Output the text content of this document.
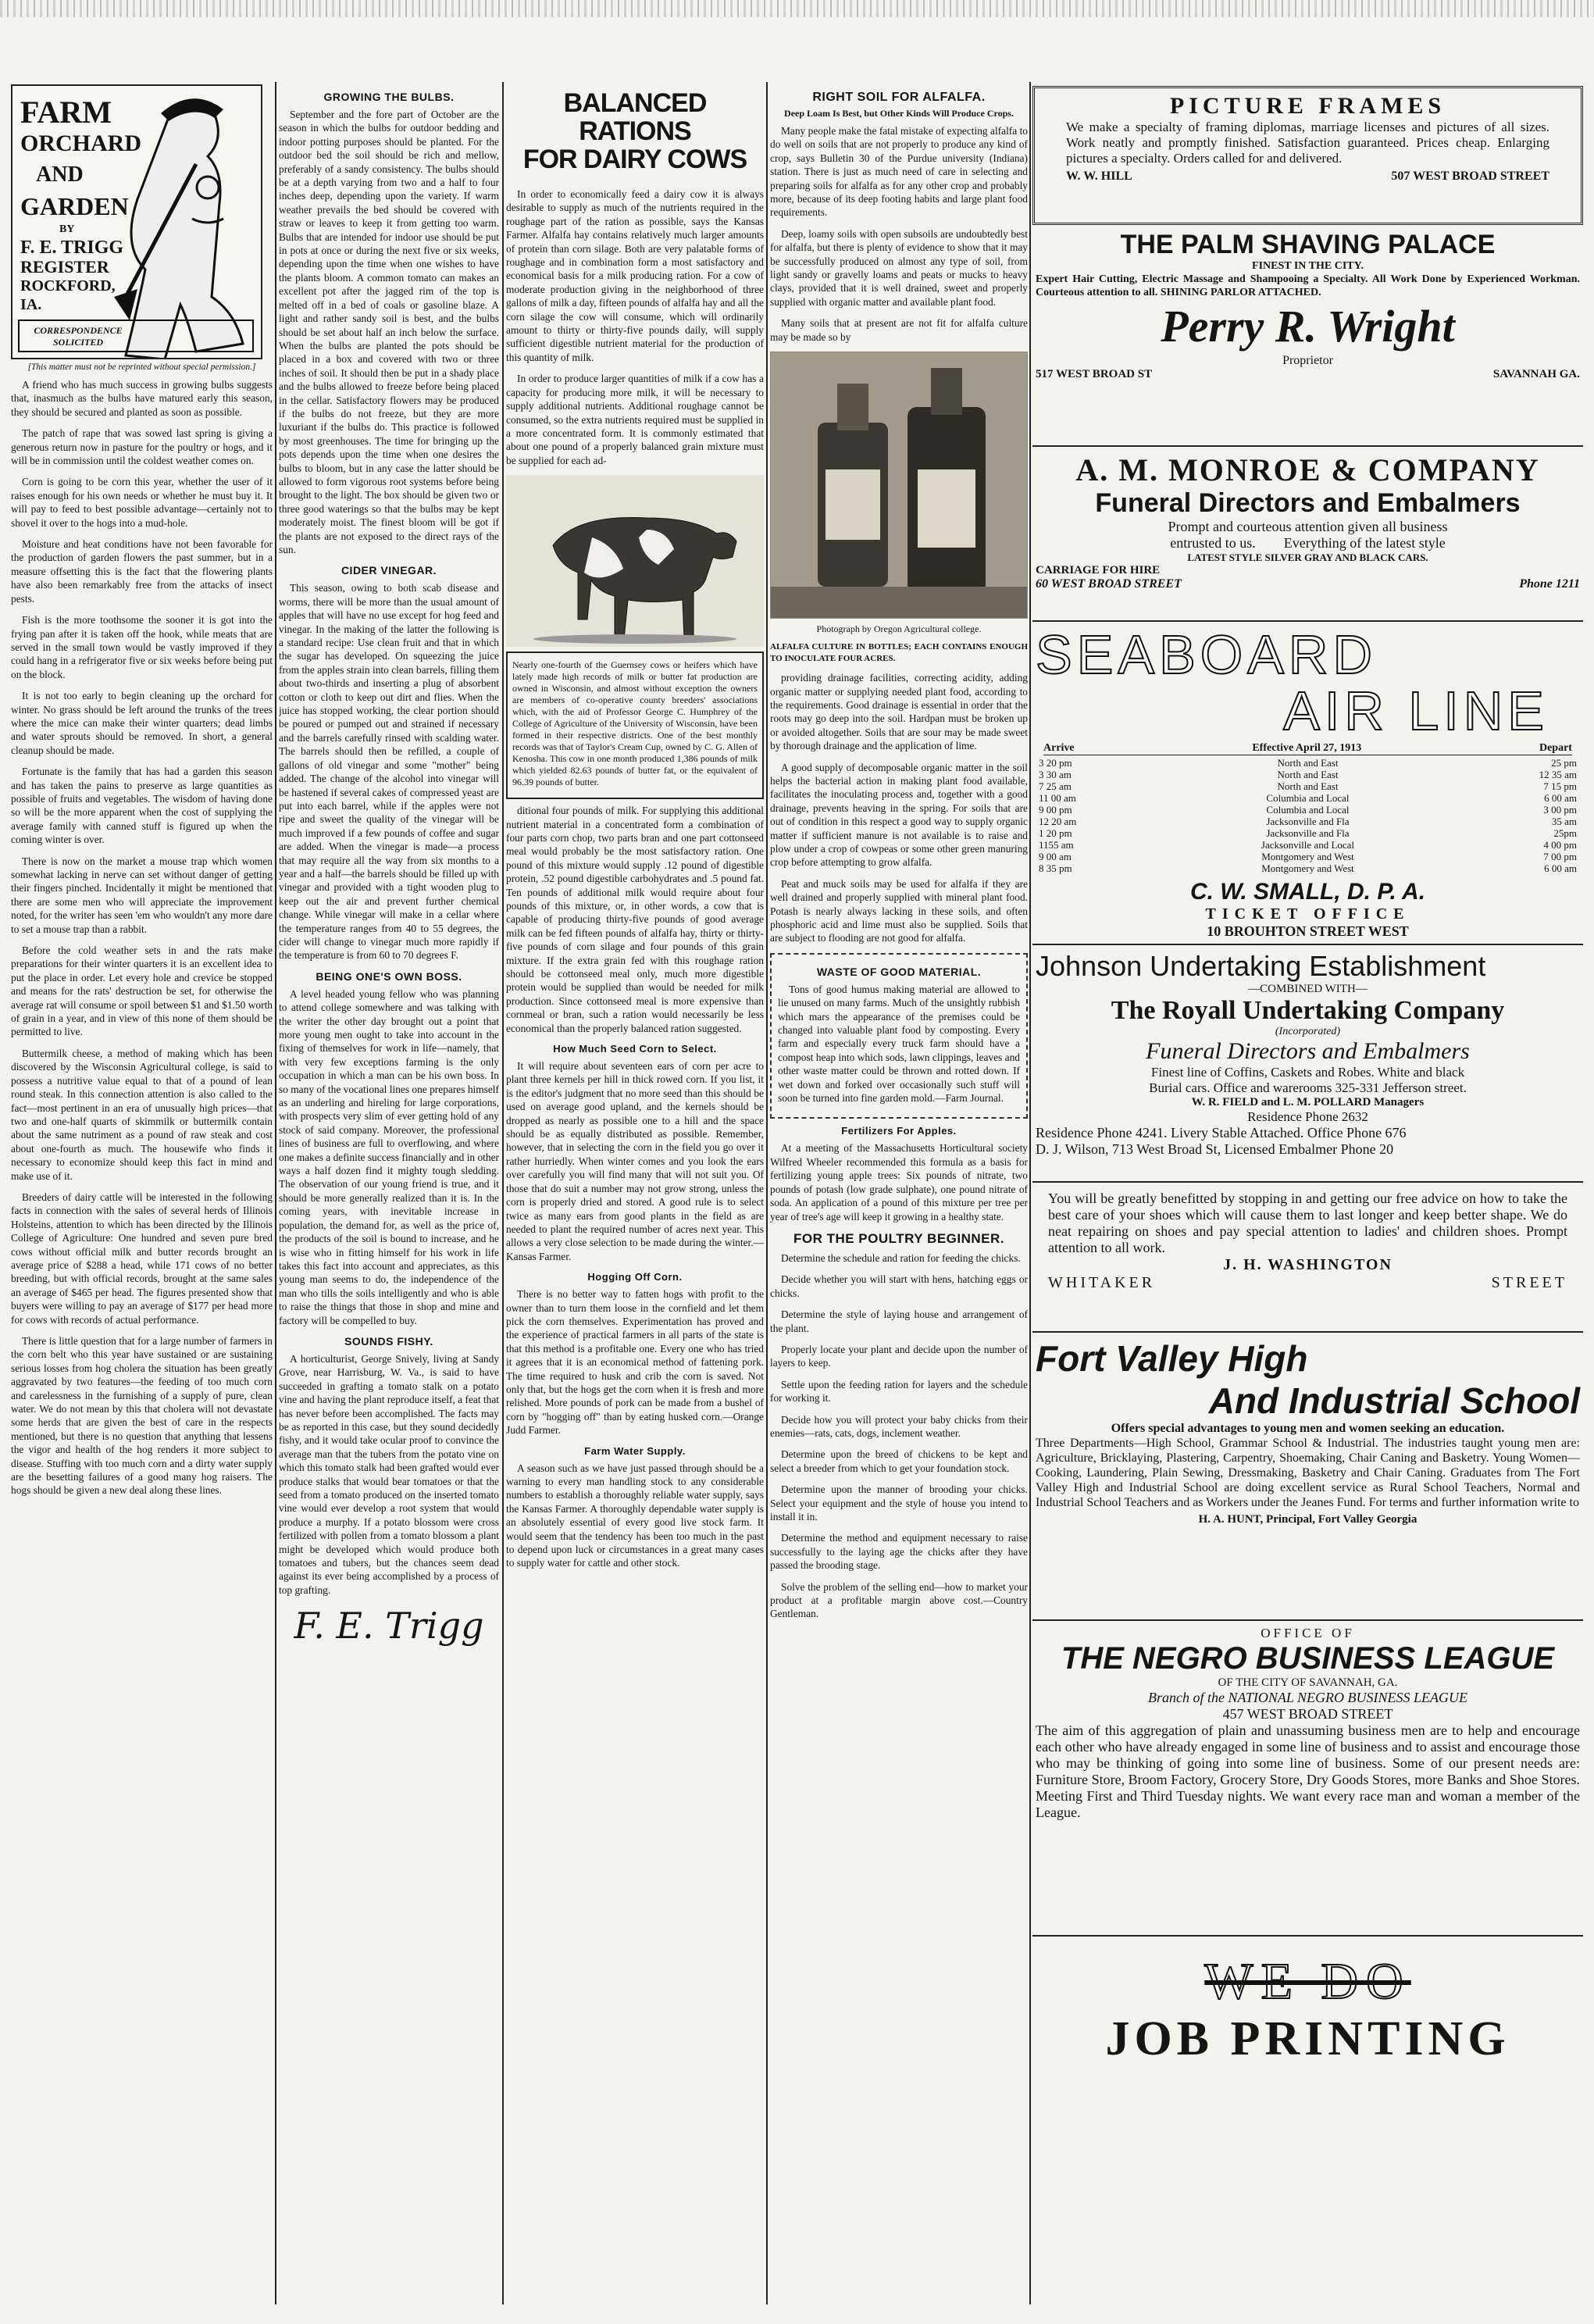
FARM
ORCHARD
AND
GARDEN
BY
F. E. TRIGG
REGISTER
ROCKFORD, IA.
CORRESPONDENCE SOLICITED
[This matter must not be reprinted without special permission.]

A friend who has much success in growing bulbs suggests that, inasmuch as the bulbs have matured early this season, they should be secured and planted as soon as possible.

The patch of rape that was sowed last spring is giving a generous return now in pasture for the poultry or hogs, and it will be in commission until the coldest weather comes on.

Corn is going to be corn this year, whether the user of it raises enough for his own needs or whether he must buy it. It will pay to feed to best possible advantage—certainly not to shovel it over to the hogs into a mud-hole.

Moisture and heat conditions have not been favorable for the production of garden flowers the past summer, but in a measure offsetting this is the fact that the flowering plants have also been remarkably free from the attacks of insect pests.

Fish is the more toothsome the sooner it is got into the frying pan after it is taken off the hook, while meats that are served in the small town would be vastly improved if they could hang in a refrigerator five or six weeks before being put on the block.

It is not too early to begin cleaning up the orchard for winter. No grass should be left around the trunks of the trees where the mice can make their winter quarters; dead limbs and water sprouts should be removed. In short, a general cleanup should be made.

Fortunate is the family that has had a garden this season and has taken the pains to preserve as large quantities as possible of fruits and vegetables. The wisdom of having done so will be the more apparent when the cost of supplying the average family with canned stuff is figured up when the coming winter is over.

There is now on the market a mouse trap which women somewhat lacking in nerve can set without danger of getting their fingers pinched. Incidentally it might be mentioned that there are some men who will appreciate the improvement noted, for the writer has seen 'em who wouldn't any more dare to set a mouse trap than a rabbit.

Before the cold weather sets in and the rats make preparations for their winter quarters it is an excellent idea to put the place in order. Let every hole and crevice be stopped and means for the rats' destruction be set, for otherwise the average rat will consume or spoil between $1 and $1.50 worth of grain in a year, and in view of this none of them should be permitted to live.

Buttermilk cheese, a method of making which has been discovered by the Wisconsin Agricultural college, is said to possess a nutritive value equal to that of a pound of lean round steak. In this connection attention is also called to the fact—most pertinent in an era of unusually high prices—that two and one-half quarts of skimmilk or buttermilk contain about the same nutriment as a pound of raw steak and cost about one-fourth as much. The housewife who finds it necessary to economize should keep this fact in mind and make use of it.

Breeders of dairy cattle will be interested in the following facts in connection with the sales of several herds of Illinois Holsteins, attention to which has been directed by the Illinois College of Agriculture: One hundred and seven pure bred cows without official milk and butter records brought an average price of $288 a head, while 171 cows of no better breeding, but with official records, brought at the same sales an average of $465 per head. The figures presented show that buyers were willing to pay an average of $177 per head more for cows with records of actual performance.

There is little question that for a large number of farmers in the corn belt who this year have sustained or are sustaining serious losses from hog cholera the situation has been greatly aggravated by two features—the feeding of too much corn and carelessness in the furnishing of a supply of pure, clean water. We do not mean by this that cholera will not devastate some herds that are given the best of care in the respects mentioned, but there is no question that anything that lessens the vigor and health of the hog renders it more subject to disease. Stuffing with too much corn and a dirty water supply are the besetting failures of a good many hog raisers. The hogs should be given a new deal along these lines.

GROWING THE BULBS.

September and the fore part of October are the season in which the bulbs for outdoor bedding and indoor potting purposes should be planted. For the outdoor bed the soil should be rich and mellow, preferably of a sandy consistency. The bulbs should be at a depth varying from two and a half to four inches deep, depending upon the variety. If warm weather prevails the bed should be covered with straw or leaves to keep it from getting too warm. Bulbs that are intended for indoor use should be put in pots at once or during the next five or six weeks, depending upon the time when one wishes to have the plants bloom. A common tomato can makes an excellent pot after the jagged rim of the top is melted off in a bed of coals or gasoline blaze. A light and rather sandy soil is best, and the bulbs should be set about half an inch below the surface. When the bulbs are planted the pots should be placed in a box and covered with two or three inches of soil. It should then be put in a shady place and the bulbs allowed to freeze before being placed in the cellar. Satisfactory flowers may be produced if the bulbs do not freeze, but they are more luxuriant if the bulbs do. This practice is followed by most greenhouses. The time for bringing up the pots depends upon the time when one desires the bulbs to bloom, but in any case the latter should be allowed to form vigorous root systems before being brought to the light. The box should be given two or three good waterings so that the bulbs may be kept moderately moist. The finest bloom will be got if the plants are not exposed to the direct rays of the sun.

CIDER VINEGAR.

This season, owing to both scab disease and worms, there will be more than the usual amount of apples that will have no use except for hog feed and vinegar. In the making of the latter the following is a standard recipe: Use clean fruit and that in which the sugar has developed. On squeezing the juice from the apples strain into clean barrels, filling them about two-thirds and inserting a plug of absorbent cotton or cloth to keep out dirt and flies. When the juice has stopped working, the clear portion should be poured or pumped out and strained if necessary and the barrels carefully rinsed with scalding water. The barrels should then be refilled, a couple of gallons of old vinegar and some "mother" being added. The change of the alcohol into vinegar will be hastened if several cakes of compressed yeast are put into each barrel, while if the apples were not ripe and sweet the quality of the vinegar will be much improved if a few pounds of coffee and sugar are added. When the vinegar is made—a process that may require all the way from six months to a year and a half—the barrels should be filled up with vinegar and provided with a tight wooden plug to keep out the air and prevent further chemical change. While vinegar will make in a cellar where the temperature ranges from 40 to 55 degrees, the cider will change to vinegar much more rapidly if the temperature is from 60 to 70 degrees F.

BEING ONE'S OWN BOSS.

A level headed young fellow who was planning to attend college somewhere and was talking with the writer the other day brought out a point that more young men ought to take into account in the fixing of themselves for work in life—namely, that with very few exceptions farming is the only occupation in which a man can be his own boss. In so many of the vocational lines one prepares himself as an underling and hireling for large corporations, with prospects very slim of ever getting hold of any stock of said company. Moreover, the professional lines of business are full to overflowing, and where one makes a definite success financially and in other ways a half dozen find it mighty tough sledding. The observation of our young friend is true, and it should be more generally realized than it is. In the coming years, with inevitable increase in population, the demand for, as well as the price of, the products of the soil is bound to increase, and he is wise who in fitting himself for his work in life takes this fact into account and appreciates, as this young man seems to do, the independence of the man who tills the soils intelligently and who is able to raise the things that those in shop and mine and factory will be compelled to buy.

SOUNDS FISHY.

A horticulturist, George Snively, living at Sandy Grove, near Harrisburg, W. Va., is said to have succeeded in grafting a tomato stalk on a potato vine and having the plant reproduce itself, a feat that has never before been accomplished. The facts may be as reported in this case, but they sound decidedly fishy, and it would take ocular proof to convince the average man that the tubers from the potato vine on which this tomato stalk had been grafted would ever produce stalks that would bear tomatoes or that the seed from a tomato produced on the inserted tomato vine would ever develop a root system that would produce a murphy. If a potato blossom were cross fertilized with pollen from a tomato blossom a plant might be developed which would produce both tomatoes and tubers, but the chances seem dead against its ever being accomplished by a process of top grafting.

F. E. Trigg
BALANCED RATIONS
FOR DAIRY COWS

In order to economically feed a dairy cow it is always desirable to supply as much of the nutrients required in the roughage part of the ration as possible, says the Kansas Farmer. Alfalfa hay contains relatively much larger amounts of protein than corn silage. Both are very palatable forms of roughage and in combination form a most satisfactory and economical basis for a milk producing ration. For a cow of moderate production giving in the neighborhood of three gallons of milk a day, fifteen pounds of alfalfa hay and all the corn silage the cow will consume, which will ordinarily amount to thirty or thirty-five pounds daily, will supply sufficient digestible nutrient material for the production of this quantity of milk.

In order to produce larger quantities of milk if a cow has a capacity for producing more milk, it will be necessary to supply additional nutrients. Additional roughage cannot be consumed, so the extra nutrients required must be supplied in a more concentrated form. It is commonly estimated that about one pound of a properly balanced grain mixture must be supplied for each ad-

Nearly one-fourth of the Guernsey cows or heifers which have lately made high records of milk or butter fat production are owned in Wisconsin, and almost without exception the owners are members of co-operative county breeders' associations which, with the aid of Professor George C. Humphrey of the College of Agriculture of the University of Wisconsin, have been formed in their respective districts. One of the best monthly records was that of Taylor's Cream Cup, owned by C. G. Allen of Kenosha. This cow in one month produced 1,386 pounds of milk which yielded 82.63 pounds of butter fat, or the equivalent of 96.39 pounds of butter.

ditional four pounds of milk. For supplying this additional nutrient material in a concentrated form a combination of four parts corn chop, two parts bran and one part cottonseed meal would probably be the most satisfactory ration. One pound of this mixture would supply .12 pound of digestible protein, .52 pound digestible carbohydrates and .5 pound fat. Ten pounds of additional milk would require about four pounds of this mixture, or, in other words, a cow that is capable of producing thirty-five pounds of good average milk can be fed fifteen pounds of alfalfa hay, thirty or thirty-five pounds of corn silage and four pounds of this grain mixture. If the extra grain fed with this roughage ration should be cottonseed meal only, much more digestible protein would be supplied than would be needed for milk production. Since cottonseed meal is more expensive than cornmeal or bran, such a ration would necessarily be less economical than the properly balanced ration suggested.

How Much Seed Corn to Select.

It will require about seventeen ears of corn per acre to plant three kernels per hill in thick rowed corn. If you list, it is the editor's judgment that no more seed than this should be used on average good upland, and the kernels should be dropped as nearly as possible one to a hill and the space should be as equally distributed as possible. Remember, however, that in selecting the corn in the field you go over it rather hurriedly. When winter comes and you look the ears over carefully you will find many that will not suit you. Of those that do suit a number may not grow strong, unless the corn is properly dried and stored. A good rule is to select twice as many ears from good plants in the field as are needed to plant the required number of acres next year. This allows a very close selection to be made during the winter.—Kansas Farmer.

Hogging Off Corn.

There is no better way to fatten hogs with profit to the owner than to turn them loose in the cornfield and let them pick the corn themselves. Experimentation has proved and the experience of practical farmers in all parts of the state is that this method is a profitable one. Every one who has tried it agrees that it is an economical method of fattening pork. The time required to husk and crib the corn is saved. Not only that, but the hogs get the corn when it is fresh and more relished. More pounds of pork can be made from a bushel of corn by "hogging off" than by eating husked corn.—Orange Judd Farmer.

Farm Water Supply.

A season such as we have just passed through should be a warning to every man handling stock to any considerable numbers to establish a thoroughly reliable water supply, says the Kansas Farmer. A thoroughly dependable water supply is an absolutely essential of every good live stock farm. It would seem that the tendency has been too much in the past to depend upon luck or circumstances in a great many cases to supply water for cattle and other stock.

RIGHT SOIL FOR ALFALFA.
Deep Loam Is Best, but Other Kinds Will Produce Crops.

Many people make the fatal mistake of expecting alfalfa to do well on soils that are not properly to produce any kind of crop, says Bulletin 30 of the Purdue university (Indiana) station. There is just as much need of care in selecting and preparing soils for alfalfa as for any other crop and probably more, because of its deep footing habits and large plant food requirements.

Deep, loamy soils with open subsoils are undoubtedly best for alfalfa, but there is plenty of evidence to show that it may be successfully produced on almost any type of soil, from light sandy or gravelly loams and peats or mucks to heavy clays, provided that it is well drained, sweet and properly supplied with organic matter and available plant food.

Many soils that at present are not fit for alfalfa culture may be made so by

Photograph by Oregon Agricultural college.
ALFALFA CULTURE IN BOTTLES; EACH CONTAINS ENOUGH TO INOCULATE FOUR ACRES.

providing drainage facilities, correcting acidity, adding organic matter or supplying needed plant food, according to the requirements. Good drainage is essential in order that the roots may go deep into the soil. Hardpan must be broken up or avoided altogether. Soils that are sour may be made sweet by thorough drainage and the application of lime.

A good supply of decomposable organic matter in the soil helps the bacterial action in making plant food available, facilitates the inoculating process and, together with a good drainage, prevents heaving in the spring. For soils that are out of condition in this respect a good way to supply organic matter if sufficient manure is not available is to raise and plow under a crop of cowpeas or some other green manuring crop before attempting to grow alfalfa.

Peat and muck soils may be used for alfalfa if they are well drained and properly supplied with mineral plant food. Potash is nearly always lacking in these soils, and often phosphoric acid and lime must also be supplied. Soils that are subject to flooding are not good for alfalfa.

WASTE OF GOOD MATERIAL.

Tons of good humus making material are allowed to lie unused on many farms. Much of the unsightly rubbish which mars the appearance of the premises could be changed into valuable plant food by composting. Every farm and especially every truck farm should have a compost heap into which sods, lawn clippings, leaves and other waste matter could be thrown and rotted down. If wet down and forked over occasionally such stuff will soon be turned into fine garden mold.—Farm Journal.

Fertilizers For Apples.

At a meeting of the Massachusetts Horticultural society Wilfred Wheeler recommended this formula as a basis for fertilizing young apple trees: Six pounds of nitrate, two pounds of potash (low grade sulphate), one pound nitrate of soda. An application of a pound of this mixture per tree per year of tree's age will keep it growing in a healthy state.

FOR THE POULTRY BEGINNER.

Determine the schedule and ration for feeding the chicks.

Decide whether you will start with hens, hatching eggs or chicks.

Determine the style of laying house and arrangement of the plant.

Properly locate your plant and decide upon the number of layers to keep.

Settle upon the feeding ration for layers and the schedule for working it.

Decide how you will protect your baby chicks from their enemies—rats, cats, dogs, inclement weather.

Determine upon the breed of chickens to be kept and select a breeder from which to get your foundation stock.

Determine upon the manner of brooding your chicks. Select your equipment and the style of house you intend to install it in.

Determine the method and equipment necessary to raise successfully to the laying age the chicks after they have passed the brooding stage.

Solve the problem of the selling end—how to market your product at a profitable margin above cost.—Country Gentleman.

PICTURE FRAMES
We make a specialty of framing diplomas, marriage licenses and pictures of all sizes. Work neatly and promptly finished. Satisfaction guaranteed. Prices cheap. Enlarging pictures a specialty. Orders called for and delivered.
W. W. HILL	507 WEST BROAD STREET
THE PALM SHAVING PALACE
FINEST IN THE CITY.
Expert Hair Cutting, Electric Massage and Shampooing a Specialty. All Work Done by Experienced Workman. Courteous attention to all. SHINING PARLOR ATTACHED.
Perry R. Wright
Proprietor
517 WEST BROAD ST	SAVANNAH GA.
A. M. MONROE & COMPANY
Funeral Directors and Embalmers
Prompt and courteous attention given all business
entrusted to us.        Everything of the latest style
LATEST STYLE SILVER GRAY AND BLACK CARS.
CARRIAGE FOR HIRE
60 WEST BROAD STREET	Phone 1211
SEABOARD
AIR LINE
Arrive	Effective April 27, 1913	Depart
3 20 pm	North and East	25 pm
3 30 am	North and East	12 35 am
7 25 am	North and East	7 15 pm
11 00 am	Columbia and Local	6 00 am
9 00 pm	Columbia and Local	3 00 pm
12 20 am	Jacksonville and Fla	35 am
1 20 pm	Jacksonville and Fla	25pm
1155 am	Jacksonville and Local	4 00 pm
9 00 am	Montgomery and West	7 00 pm
8 35 pm	Montgomery and West	6 00 am
C. W. SMALL, D. P. A.
TICKET OFFICE
10 BROUHTON STREET WEST
Johnson Undertaking Establishment
—COMBINED WITH—
The Royall Undertaking Company
(Incorporated)
Funeral Directors and Embalmers
Finest line of Coffins, Caskets and Robes. White and black
Burial cars. Office and warerooms 325-331 Jefferson street.
W. R. FIELD and L. M. POLLARD Managers
Residence Phone 2632
Residence Phone 4241. Livery Stable Attached. Office Phone 676
D. J. Wilson, 713 West Broad St, Licensed Embalmer Phone 20
You will be greatly benefitted by stopping in and getting our free advice on how to take the best care of your shoes which will cause them to last longer and keep better shape. We do neat repairing on shoes and pay special attention to ladies' and children shoes. Prompt attention to all work.
J. H. WASHINGTON
WHITAKER	STREET
Fort Valley High
And Industrial School
Offers special advantages to young men and women seeking an education.
Three Departments—High School, Grammar School & Industrial. The industries taught young men are: Agriculture, Bricklaying, Plastering, Carpentry, Shoemaking, Chair Caning and Basketry. Young Women—Cooking, Laundering, Plain Sewing, Dressmaking, Basketry and Chair Caning. Graduates from The Fort Valley High and Industrial School are doing excellent service as Rural School Teachers, Normal and Industrial School Teachers and as Workers under the Jeanes Fund. For terms and further information write to
H. A. HUNT, Principal, Fort Valley Georgia
OFFICE OF
THE NEGRO BUSINESS LEAGUE
OF THE CITY OF SAVANNAH, GA.
Branch of the NATIONAL NEGRO BUSINESS LEAGUE
457 WEST BROAD STREET
The aim of this aggregation of plain and unassuming business men are to help and encourage each other who have already engaged in some line of business and to assist and encourage those who may be thinking of going into some line of business. Some of our present needs are: Furniture Store, Broom Factory, Grocery Store, Dry Goods Stores, more Banks and Shoe Stores. Meeting First and Third Tuesday nights. We want every race man and woman a member of the League.
WE DO
JOB PRINTING
